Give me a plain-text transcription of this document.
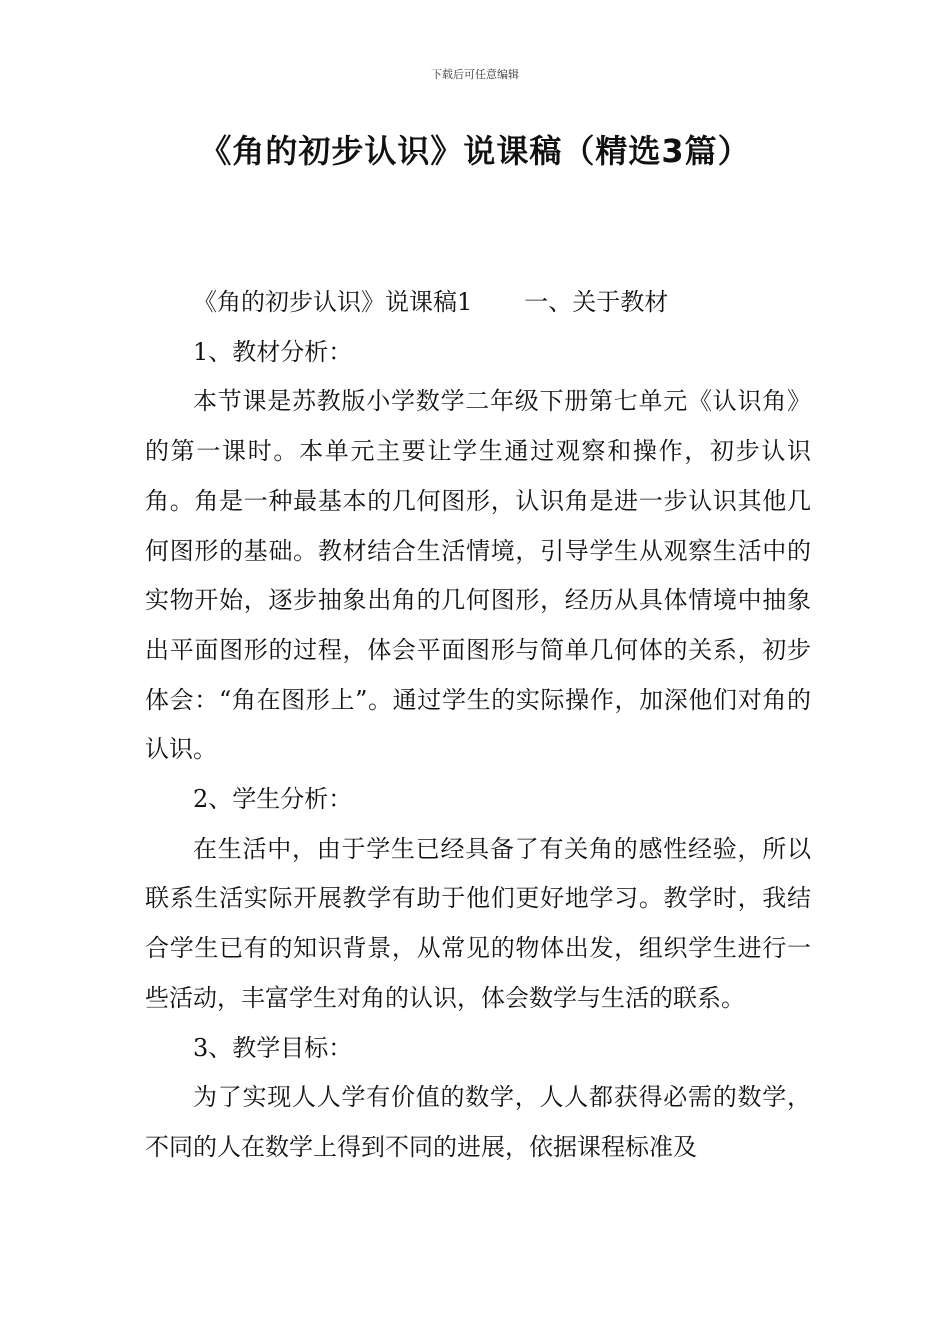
下载后可任意编辑
《角的初步认识》说课稿（精选3篇）

《角的初步认识》说课稿1 一、关于教材

1、教材分析：

本节课是苏教版小学数学二年级下册第七单元《认识角》的第一课时。本单元主要让学生通过观察和操作，初步认识角。角是一种最基本的几何图形，认识角是进一步认识其他几何图形的基础。教材结合生活情境，引导学生从观察生活中的实物开始，逐步抽象出角的几何图形，经历从具体情境中抽象出平面图形的过程，体会平面图形与简单几何体的关系，初步体会：“角在图形上”。通过学生的实际操作，加深他们对角的认识。

2、学生分析：

在生活中，由于学生已经具备了有关角的感性经验，所以联系生活实际开展教学有助于他们更好地学习。教学时，我结合学生已有的知识背景，从常见的物体出发，组织学生进行一些活动，丰富学生对角的认识，体会数学与生活的联系。

3、教学目标：

为了实现人人学有价值的数学，人人都获得必需的数学，不同的人在数学上得到不同的进展，依据课程标准及
